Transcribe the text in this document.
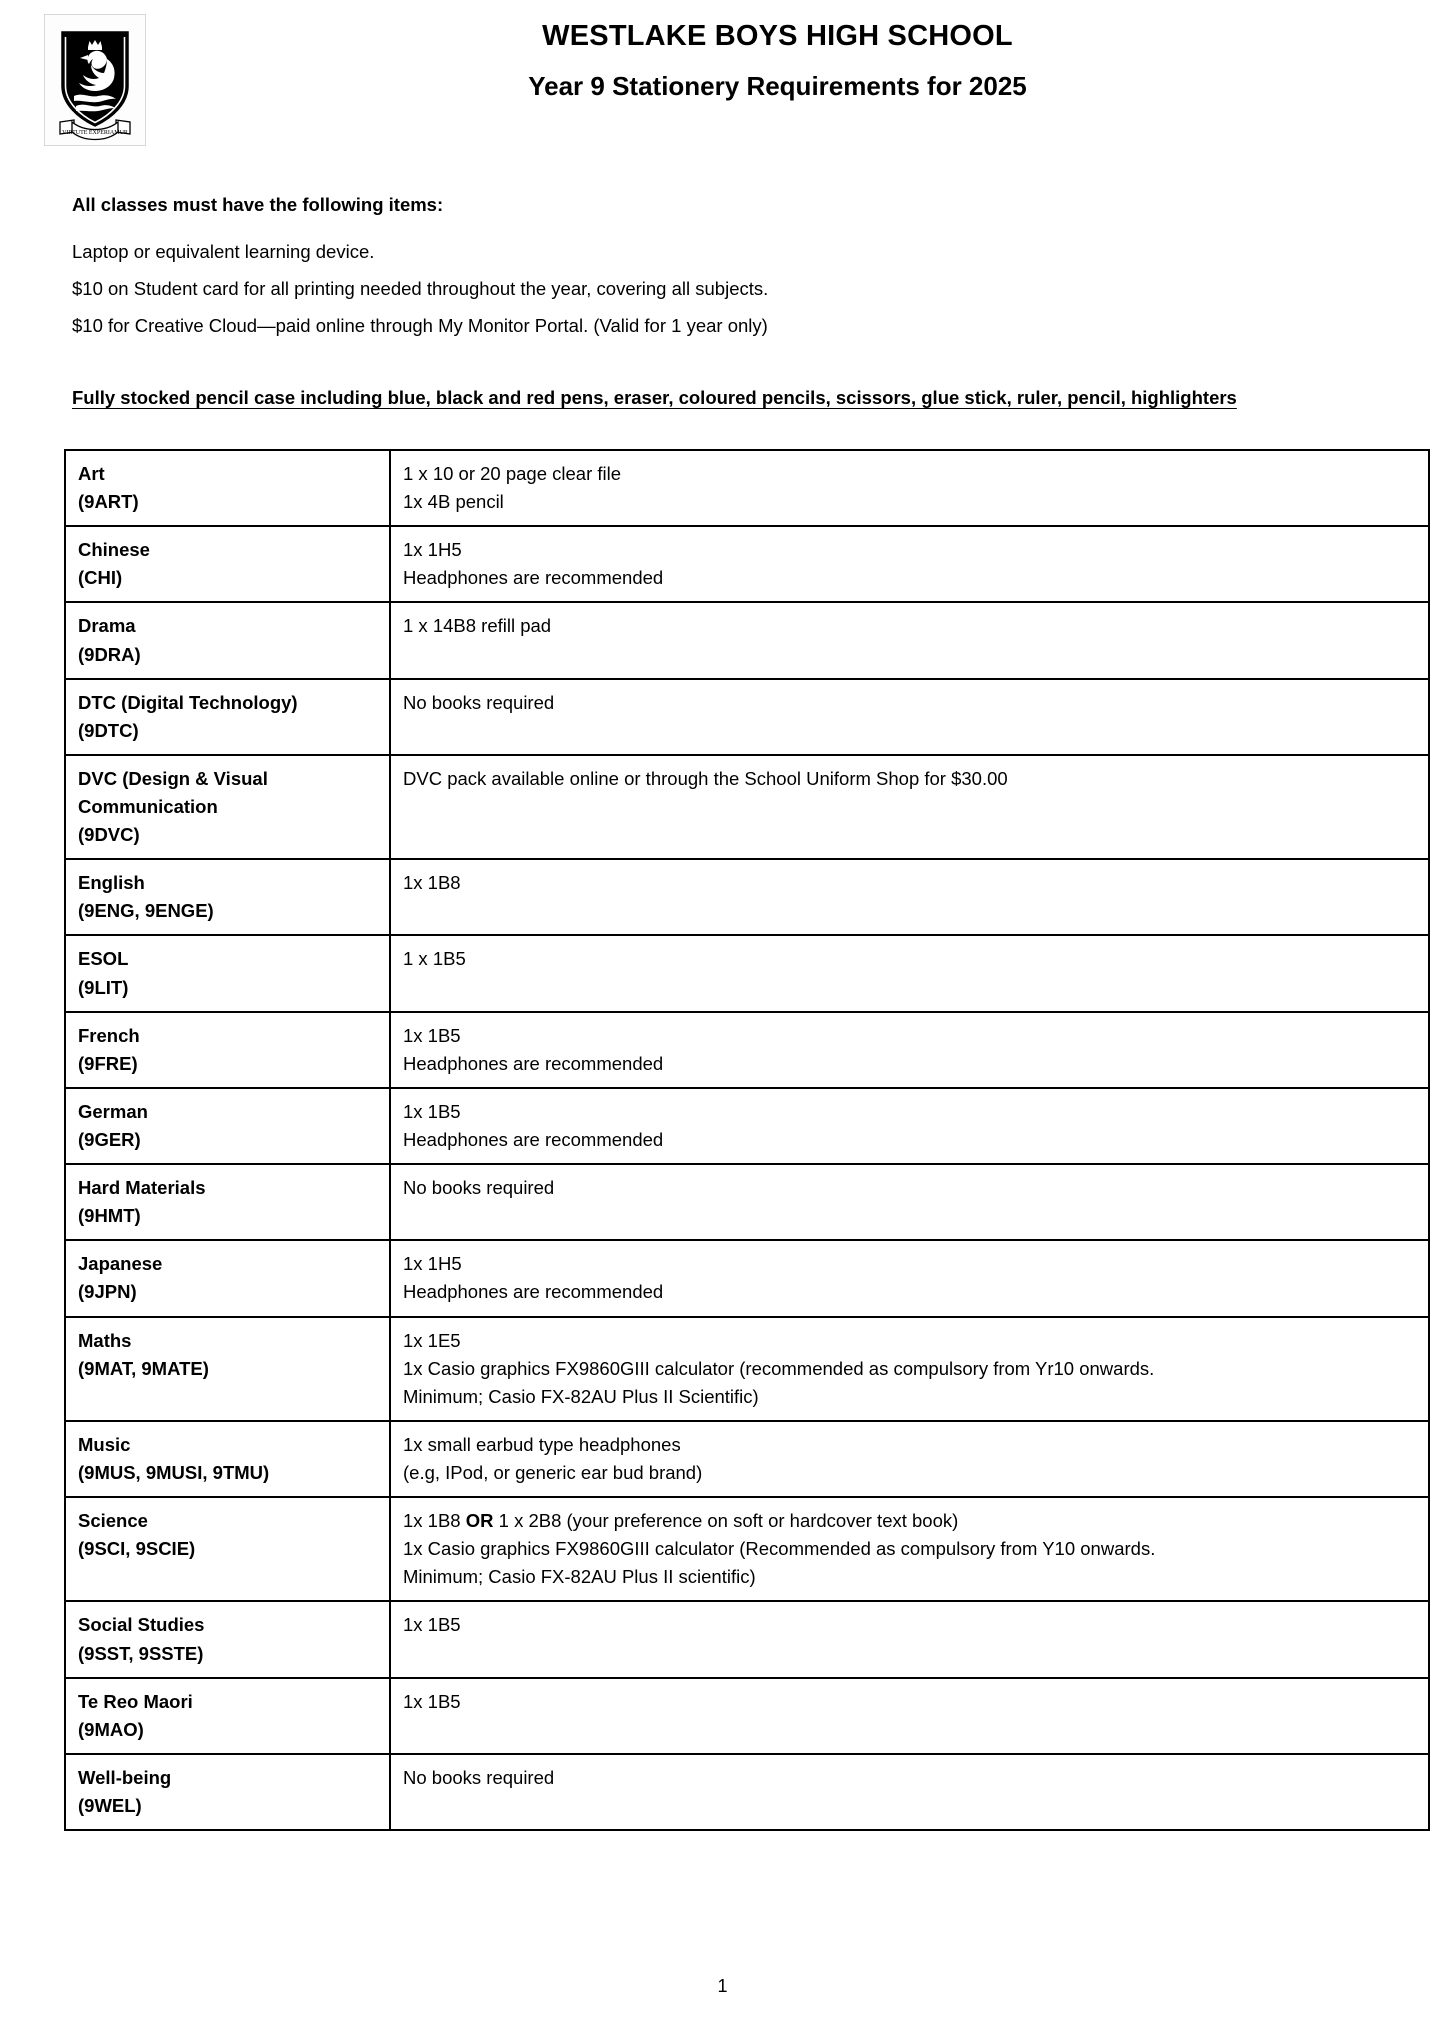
VIRTUTE EXPERIAMUR
WESTLAKE BOYS HIGH SCHOOL
Year 9 Stationery Requirements for 2025

All classes must have the following items:

Laptop or equivalent learning device.

$10 on Student card for all printing needed throughout the year, covering all subjects.

$10 for Creative Cloud—paid online through My Monitor Portal. (Valid for 1 year only)

Fully stocked pencil case including blue, black and red pens, eraser, coloured pencils, scissors, glue stick, ruler, pencil, highlighters
Art
(9ART)	1 x 10 or 20 page clear file
1x 4B pencil

Chinese
(CHI)	1x 1H5
Headphones are recommended

Drama
(9DRA)	1 x 14B8 refill pad

DTC (Digital Technology)
(9DTC)	No books required

DVC (Design & Visual
Communication
(9DVC)	DVC pack available online or through the School Uniform Shop for $30.00

English
(9ENG, 9ENGE)	1x 1B8

ESOL
(9LIT)	1 x 1B5

French
(9FRE)	1x 1B5
Headphones are recommended

German
(9GER)	1x 1B5
Headphones are recommended

Hard Materials
(9HMT)	No books required

Japanese
(9JPN)	1x 1H5
Headphones are recommended

Maths
(9MAT, 9MATE)	1x 1E5
1x Casio graphics FX9860GIII calculator (recommended as compulsory from Yr10 onwards.
Minimum; Casio FX-82AU Plus II Scientific)

Music
(9MUS, 9MUSI, 9TMU)	1x small earbud type headphones
(e.g, IPod, or generic ear bud brand)

Science
(9SCI, 9SCIE)	1x 1B8 OR 1 x 2B8 (your preference on soft or hardcover text book)
1x Casio graphics FX9860GIII calculator (Recommended as compulsory from Y10 onwards.
Minimum; Casio FX-82AU Plus II scientific)

Social Studies
(9SST, 9SSTE)	1x 1B5

Te Reo Maori
(9MAO)	1x 1B5

Well-being
(9WEL)	No books required
1
